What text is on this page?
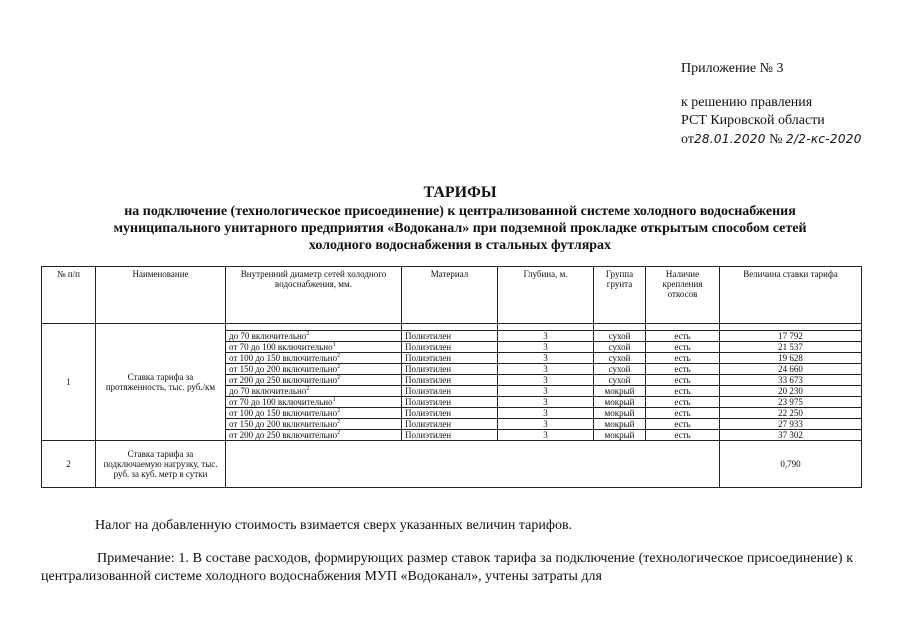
Приложение № 3
к решению правления
РСТ Кировской области
от28.01.2020 № 2/2-кс-2020
ТАРИФЫ
на подключение (технологическое присоединение) к централизованной системе холодного водоснабжения
муниципального унитарного предприятия «Водоканал» при подземной прокладке открытым способом сетей
холодного водоснабжения в стальных футлярах
№ п/п	Наименование	Внутренний диаметр сетей холодного водоснабжения, мм.	Материал	Глубина, м.	Группа грунта	Наличие крепления откосов	Величина ставки тарифа
1	Ставка тарифа за протяженность, тыс. руб./км						
		до 70 включительно$^2$	Полиэтилен	3	сухой	есть	17 792
		от 70 до 100 включительно$^1$	Полиэтилен	3	сухой	есть	21 537
		от 100 до 150 включительно$^2$	Полиэтилен	3	сухой	есть	19 628
		от 150 до 200 включительно$^2$	Полиэтилен	3	сухой	есть	24 660
		от 200 до 250 включительно$^2$	Полиэтилен	3	сухой	есть	33 673
		до 70 включительно$^2$	Полиэтилен	3	мокрый	есть	20 230
		от 70 до 100 включительно$^1$	Полиэтилен	3	мокрый	есть	23 975
		от 100 до 150 включительно$^2$	Полиэтилен	3	мокрый	есть	22 250
		от 150 до 200 включительно$^2$	Полиэтилен	3	мокрый	есть	27 933
		от 200 до 250 включительно$^2$	Полиэтилен	3	мокрый	есть	37 302
2	Ставка тарифа за подключаемую нагрузку, тыс. руб. за куб. метр в сутки						0,790
Налог на добавленную стоимость взимается сверх указанных величин тарифов.
Примечание: 1. В составе расходов, формирующих размер ставок тарифа за подключение (технологическое присоединение) к централизованной системе холодного водоснабжения МУП «Водоканал», учтены затраты для
